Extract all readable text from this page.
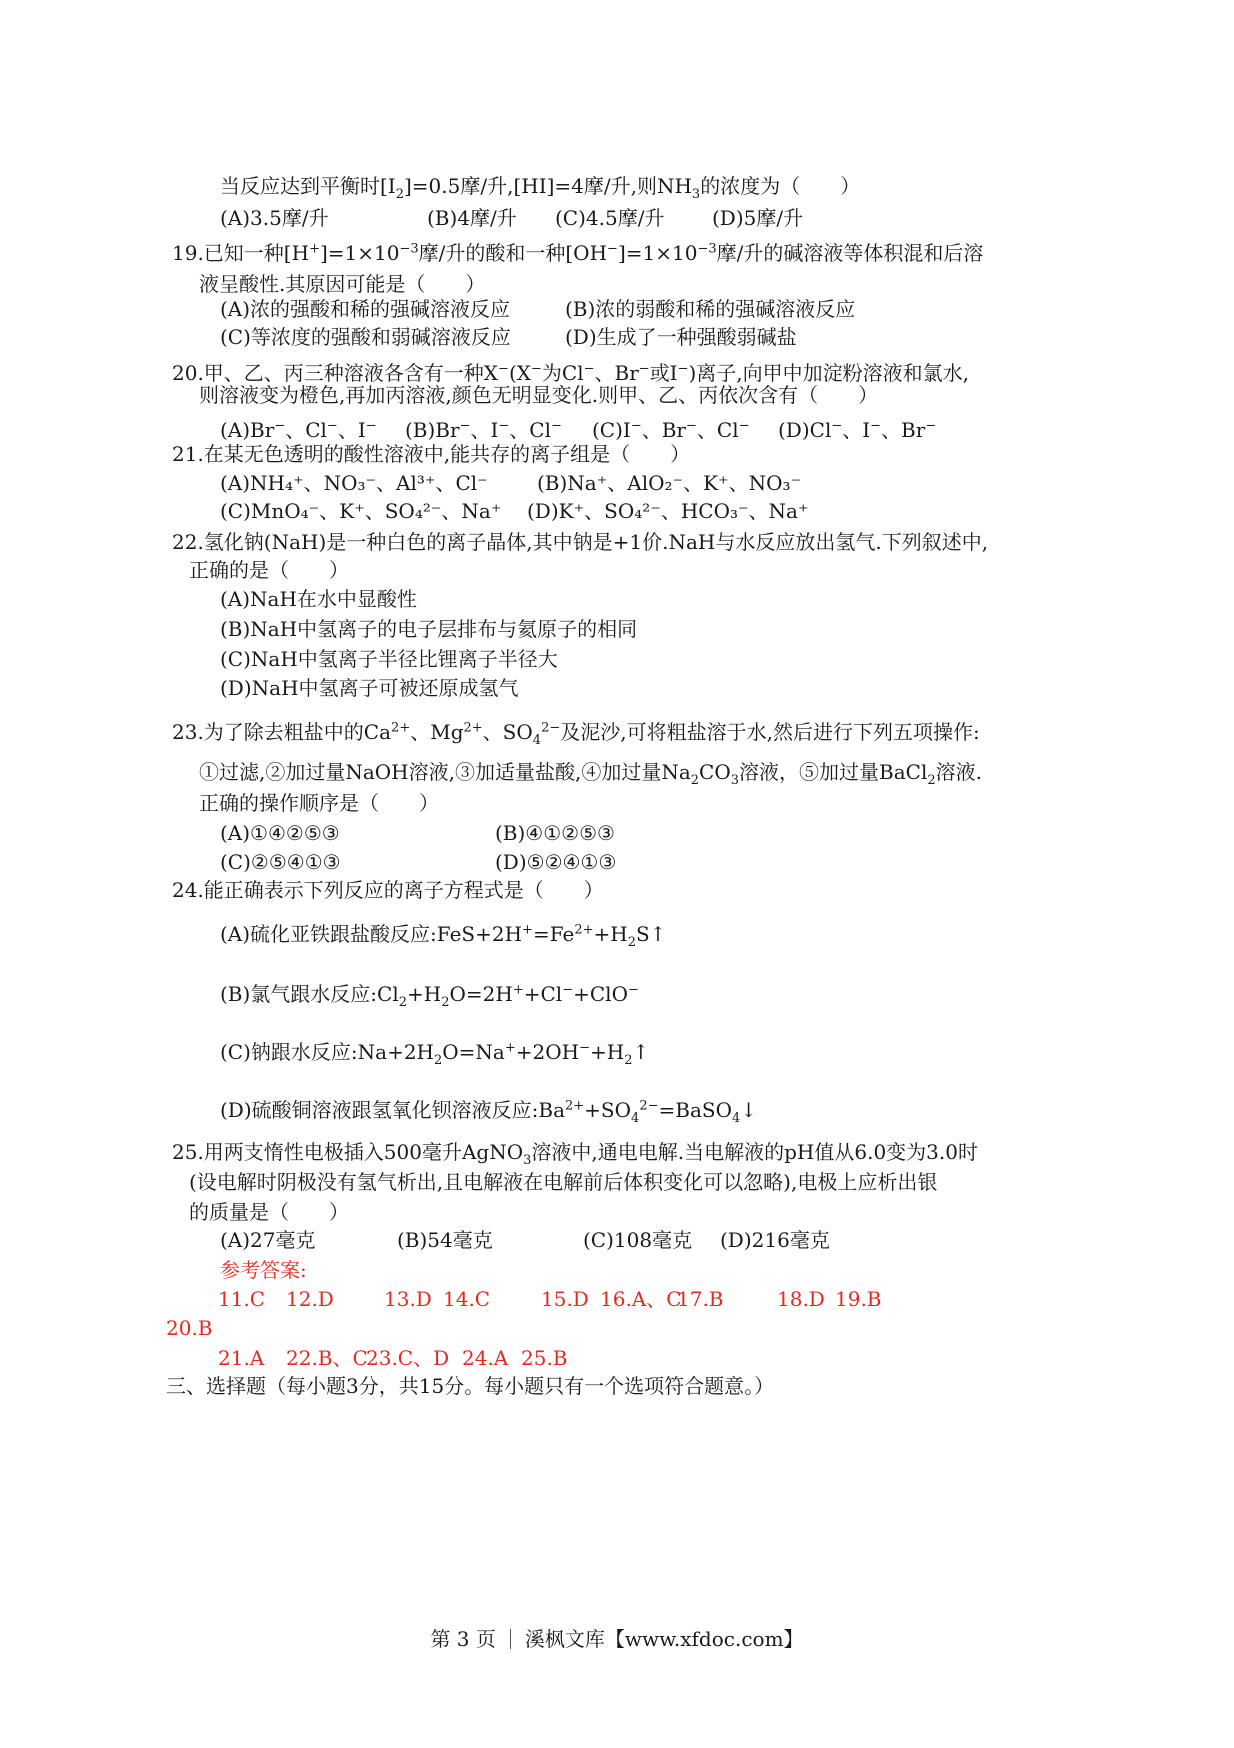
当反应达到平衡时$[I_2]=0.5$摩/升,[HI]=4摩/升,则$NH_3$的浓度为（　　）
(A)3.5摩/升	(B)4摩/升 (C)4.5摩/升 (D)5摩/升
19.已知一种$[H^+]=1\times 10^{-3}$摩/升的酸和一种$[OH^-]=1\times 10^{-3}$摩/升的碱溶液等体积混和后溶
液呈酸性.其原因可能是（　　）
(A)浓的强酸和稀的强碱溶液反应	(B)浓的弱酸和稀的强碱溶液反应
(C)等浓度的强酸和弱碱溶液反应	(D)生成了一种强酸弱碱盐
20.甲、乙、丙三种溶液各含有一种X−(X−为Cl−、Br−或I−)离子,向甲中加淀粉溶液和氯水,
则溶液变为橙色,再加丙溶液,颜色无明显变化.则甲、乙、丙依次含有（　　）
(A)Br−、Cl−、I− (B)Br−、I−、Cl− (C)I−、Br−、Cl− (D)Cl−、I−、Br−
21.在某无色透明的酸性溶液中,能共存的离子组是（　　）
(A)NH₄⁺、NO₃⁻、Al³⁺、Cl⁻ (B)Na⁺、AlO₂⁻、K⁺、NO₃⁻
(C)MnO₄⁻、K⁺、SO₄²⁻、Na⁺ (D)K⁺、SO₄²⁻、HCO₃⁻、Na⁺
22.氢化钠(NaH)是一种白色的离子晶体,其中钠是+1价.NaH与水反应放出氢气.下列叙述中,
正确的是（　　）
(A)NaH在水中显酸性
(B)NaH中氢离子的电子层排布与氦原子的相同
(C)NaH中氢离子半径比锂离子半径大
(D)NaH中氢离子可被还原成氢气
23.为了除去粗盐中的$Ca^{2+}$、$Mg^{2+}$、$SO_4^{2-}$及泥沙,可将粗盐溶于水,然后进行下列五项操作:
①过滤,②加过量NaOH溶液,③加适量盐酸,④加过量$Na_2CO_3$溶液，⑤加过量BaCl$_2$溶液.
正确的操作顺序是（　　）
(A)①④②⑤③	(B)④①②⑤③
(C)②⑤④①③	(D)⑤②④①③
24.能正确表示下列反应的离子方程式是（　　）
(A)硫化亚铁跟盐酸反应$:FeS+2H^+=Fe^{2+}+H_2S↑$
(B)氯气跟水反应$:Cl_2+H_2O=2H^++Cl^-+ClO^-$
(C)钠跟水反应$:Na+2H_2O=Na^++2OH^-+H_2↑$
(D)硫酸铜溶液跟氢氧化钡溶液反应$:Ba^{2+}+SO_4^{2-}=BaSO_4↓$
25.用两支惰性电极插入500毫升AgNO$_3$溶液中,通电电解.当电解液的pH值从6.0变为3.0时
(设电解时阴极没有氢气析出,且电解液在电解前后体积变化可以忽略),电极上应析出银
的质量是（　　）
(A)27毫克	(B)54毫克	(C)108毫克 (D)216毫克
参考答案:
11.C 12.D	13.D 14.C	15.D 16.A、C
17.B	18.D 19.B
20.B
21.A 22.B、C
23.C、D 24.A 25.B
三、选择题（每小题3分，共15分。每小题只有一个选项符合题意。）
第 3 页 溪枫文库【www.xfdoc.com】
